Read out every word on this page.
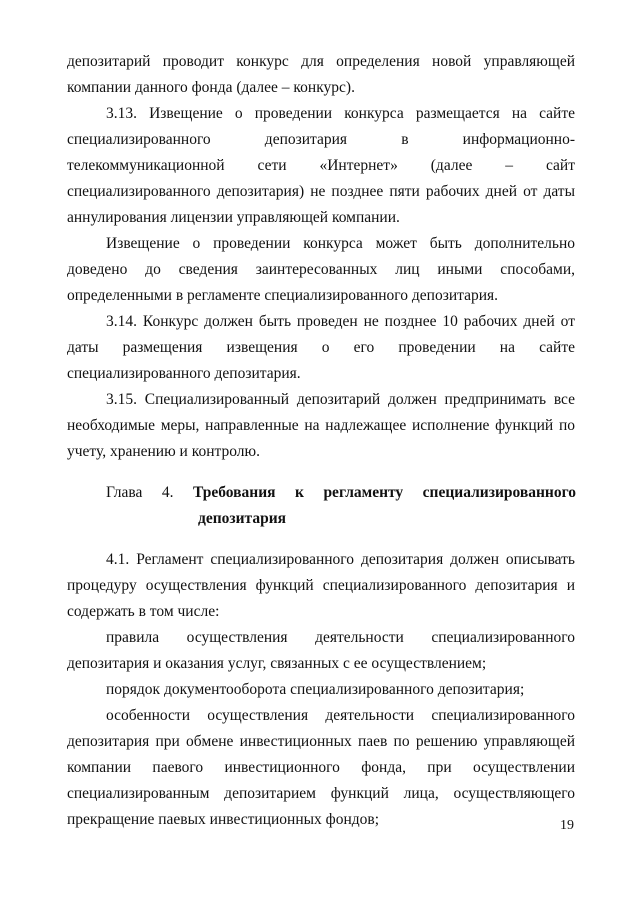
депозитарий проводит конкурс для определения новой управляющей компании данного фонда (далее – конкурс).

3.13. Извещение о проведении конкурса размещается на сайте специализированного депозитария в информационно-телекоммуникационной сети «Интернет» (далее – сайт специализированного депозитария) не позднее пяти рабочих дней от даты аннулирования лицензии управляющей компании.

Извещение о проведении конкурса может быть дополнительно доведено до сведения заинтересованных лиц иными способами, определенными в регламенте специализированного депозитария.

3.14. Конкурс должен быть проведен не позднее 10 рабочих дней от даты размещения извещения о его проведении на сайте специализированного депозитария.

3.15. Специализированный депозитарий должен предпринимать все необходимые меры, направленные на надлежащее исполнение функций по учету, хранению и контролю.

Глава 4. Требования к регламенту специализированного
депозитария

4.1. Регламент специализированного депозитария должен описывать процедуру осуществления функций специализированного депозитария и содержать в том числе:

правила осуществления деятельности специализированного депозитария и оказания услуг, связанных с ее осуществлением;

порядок документооборота специализированного депозитария;

особенности осуществления деятельности специализированного депозитария при обмене инвестиционных паев по решению управляющей компании паевого инвестиционного фонда, при осуществлении специализированным депозитарием функций лица, осуществляющего прекращение паевых инвестиционных фондов;	19
